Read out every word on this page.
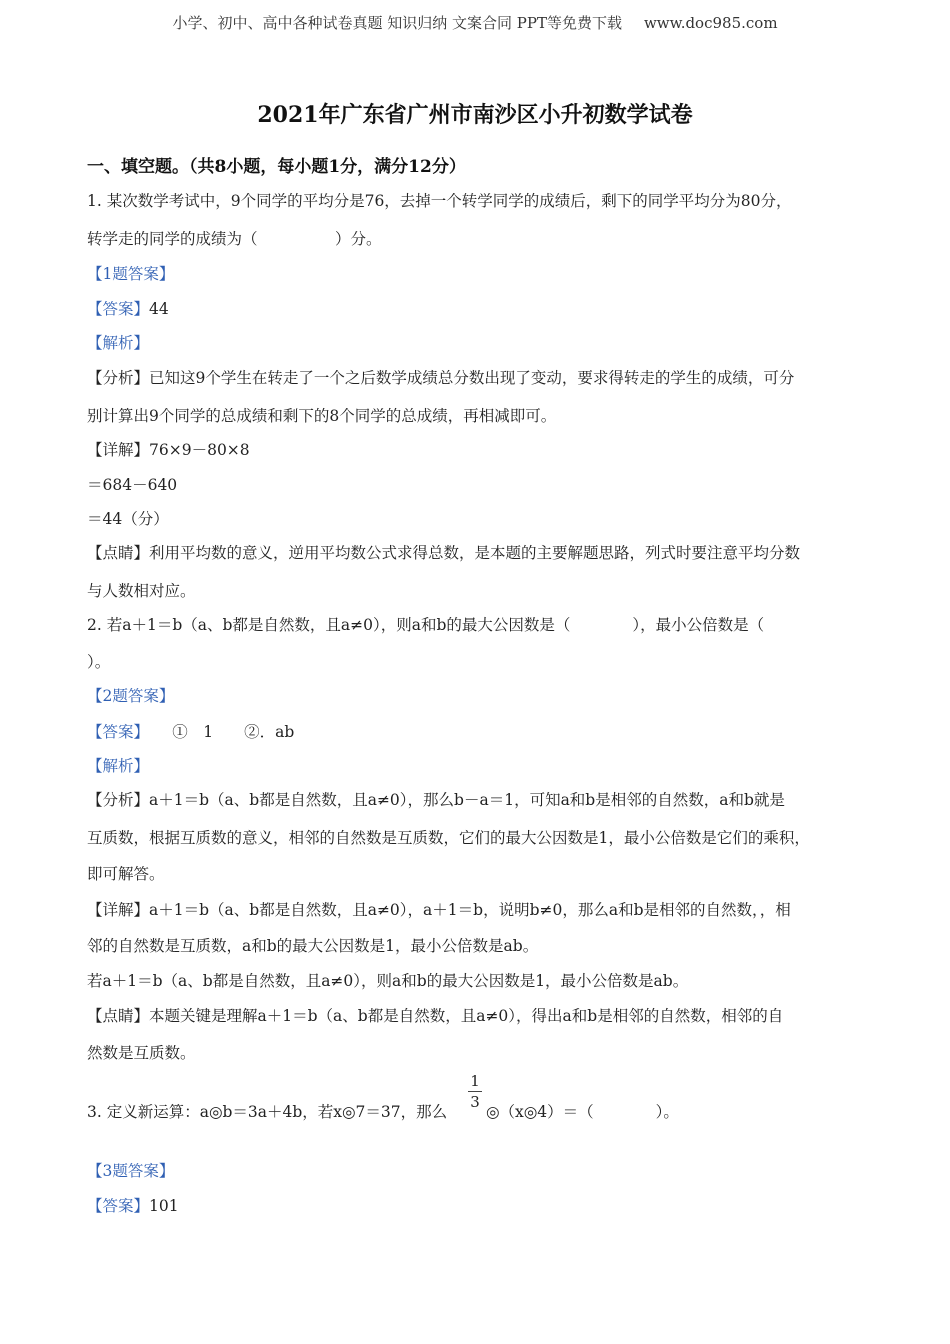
小学、初中、高中各种试卷真题 知识归纳 文案合同 PPT等免费下载 www.doc985.com
2021年广东省广州市南沙区小升初数学试卷
一、填空题。（共8小题，每小题1分，满分12分）
1. 某次数学考试中，9个同学的平均分是76，去掉一个转学同学的成绩后，剩下的同学平均分为80分，
转学走的同学的成绩为（　　　　　）分。
【1题答案】
【答案】44
【解析】
【分析】已知这9个学生在转走了一个之后数学成绩总分数出现了变动，要求得转走的学生的成绩，可分
别计算出9个同学的总成绩和剩下的8个同学的总成绩，再相减即可。
【详解】76×9－80×8
＝684－640
＝44（分）
【点睛】利用平均数的意义，逆用平均数公式求得总数，是本题的主要解题思路，列式时要注意平均分数
与人数相对应。
2. 若a＋1＝b（a、b都是自然数，且a≠0），则a和b的最大公因数是（　　　　），最小公倍数是（
）。
【2题答案】
【答案】　　①　1　　②．ab
【解析】
【分析】a＋1＝b（a、b都是自然数，且a≠0），那么b－a＝1，可知a和b是相邻的自然数，a和b就是
互质数，根据互质数的意义，相邻的自然数是互质数，它们的最大公因数是1，最小公倍数是它们的乘积，
即可解答。
【详解】a＋1＝b（a、b都是自然数，且a≠0），a＋1＝b，说明b≠0，那么a和b是相邻的自然数，，相
邻的自然数是互质数，a和b的最大公因数是1，最小公倍数是ab。
若a＋1＝b（a、b都是自然数，且a≠0），则a和b的最大公因数是1，最小公倍数是ab。
【点睛】本题关键是理解a＋1＝b（a、b都是自然数，且a≠0），得出a和b是相邻的自然数，相邻的自
然数是互质数。
3. 定义新运算：a◎b＝3a＋4b，若x◎7＝37，那么
1
3
◎（x◎4）＝（　　　　）。
【3题答案】
【答案】101
